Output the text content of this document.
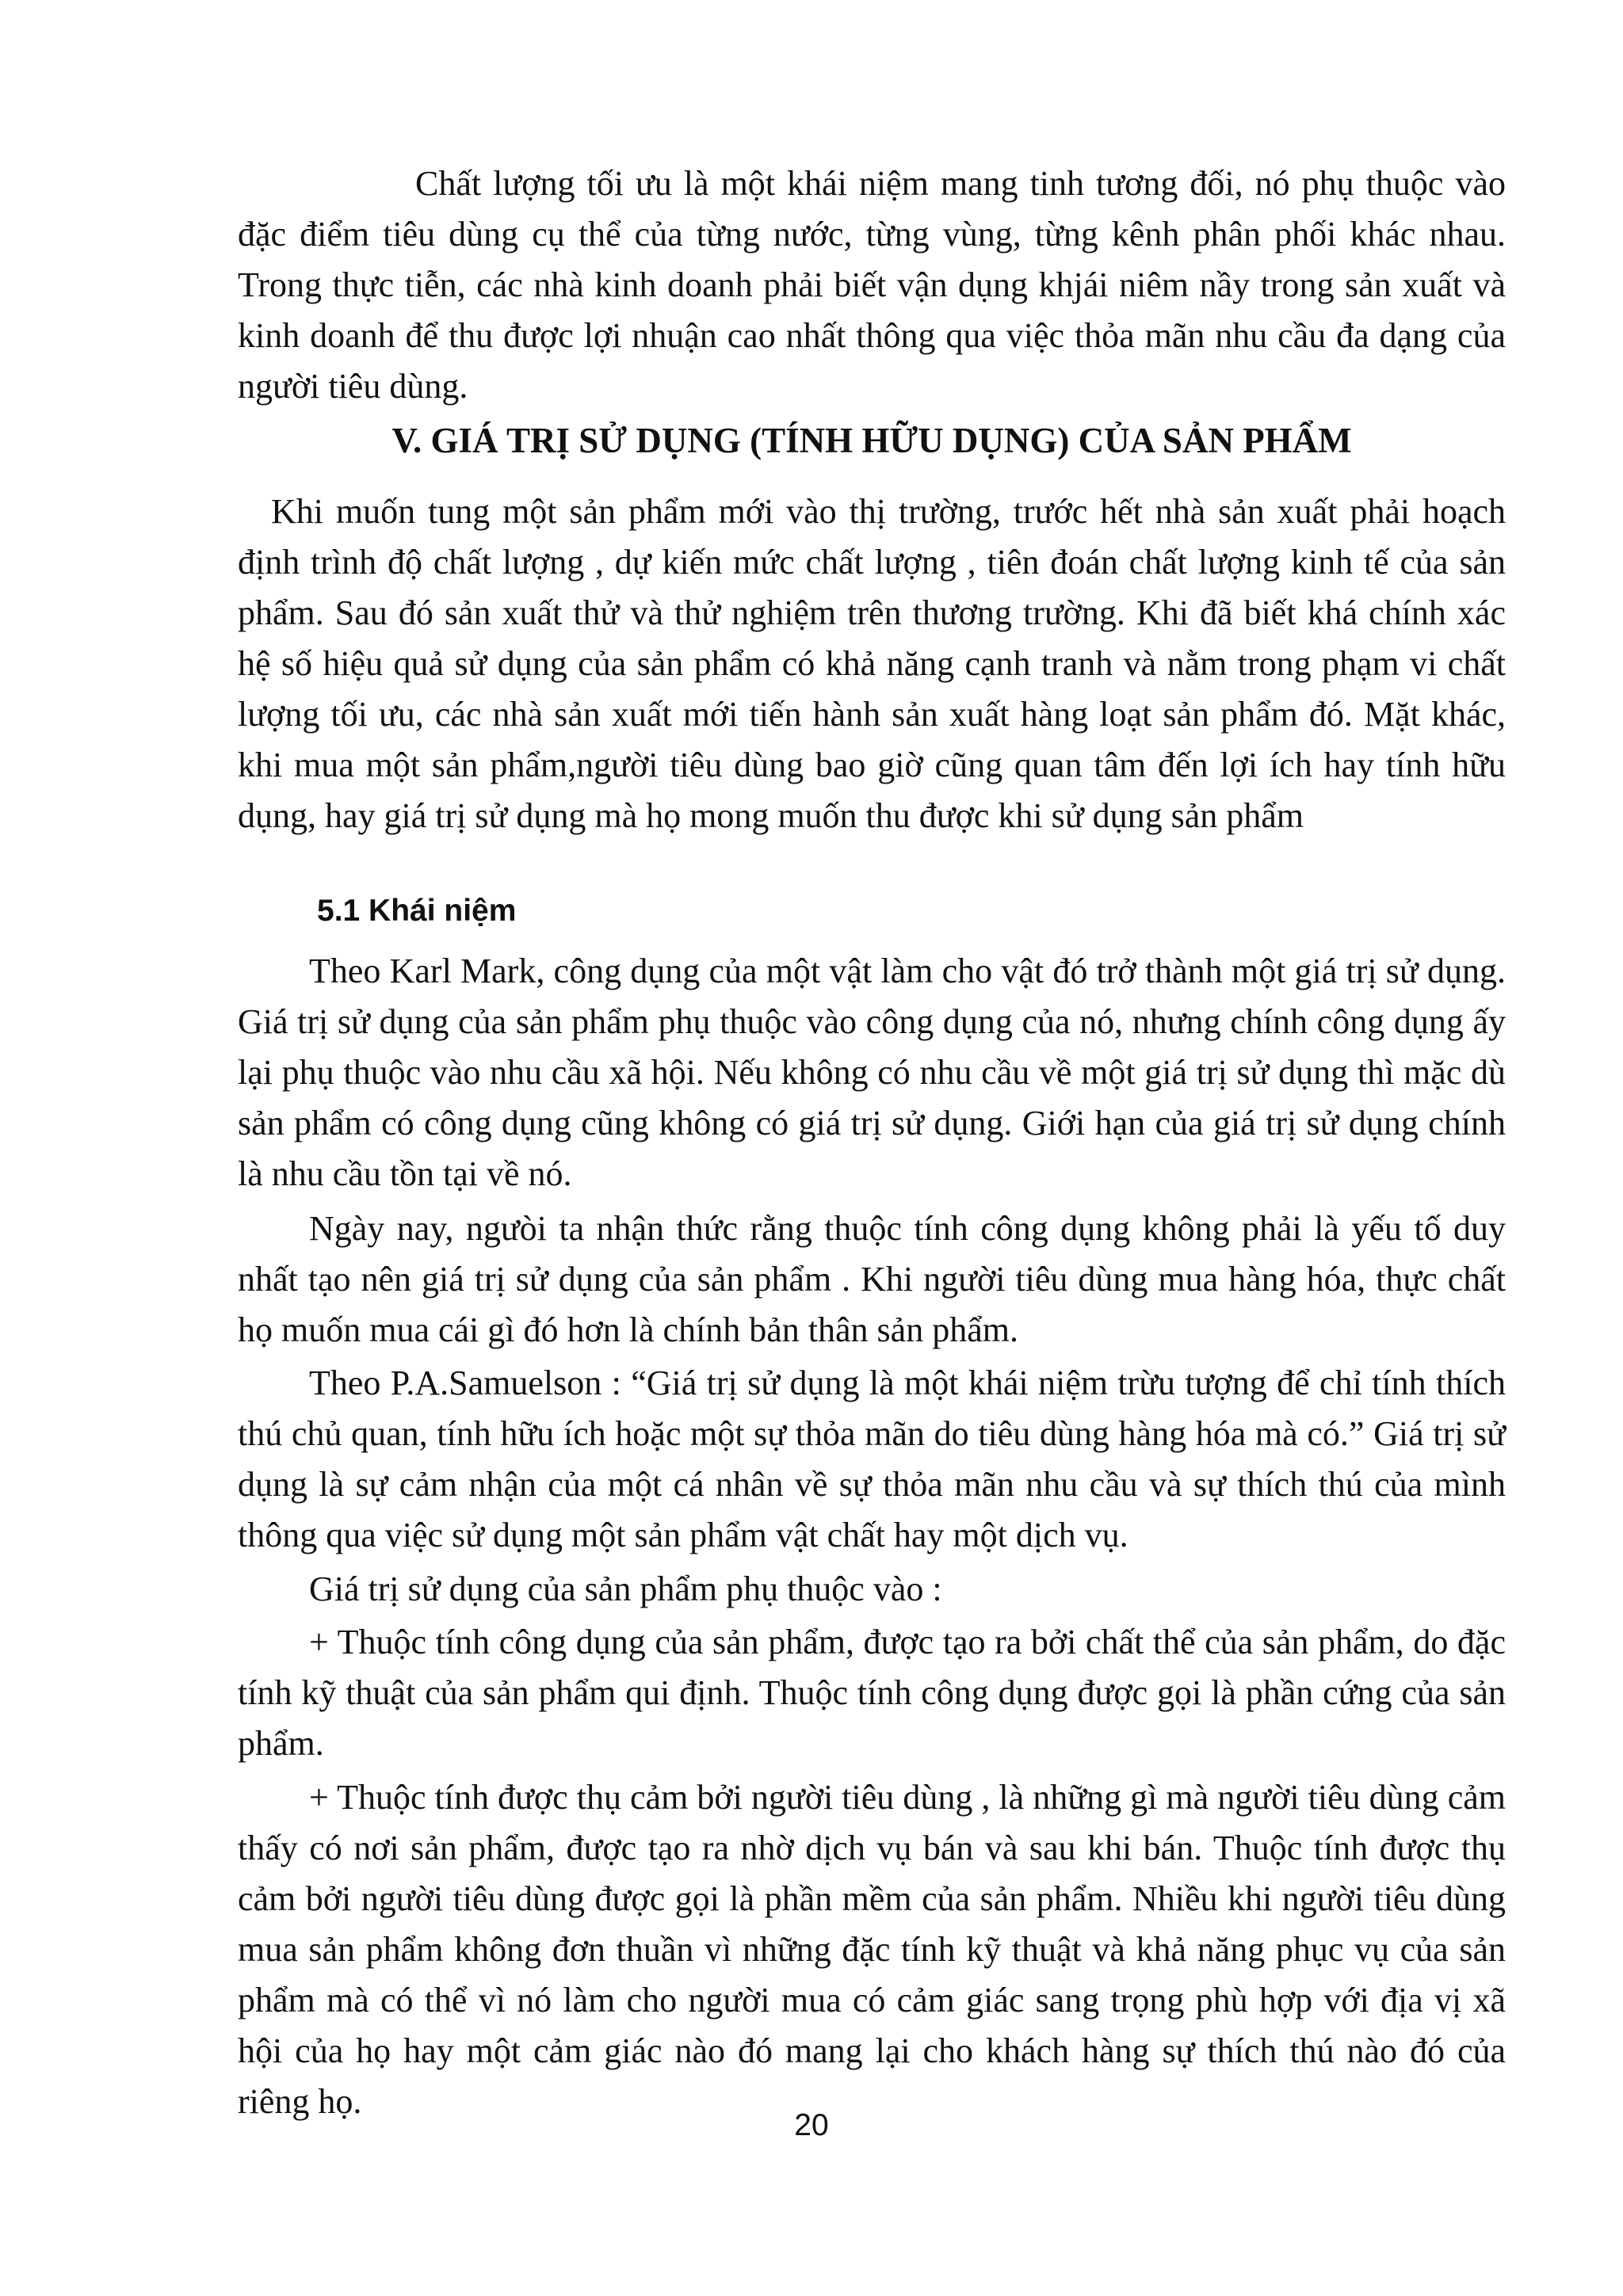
Chất lượng tối ưu là một khái niệm mang tinh tương đối, nó phụ thuộc vào đặc điểm tiêu dùng cụ thể của từng nước, từng vùng, từng kênh phân phối khác nhau. Trong thực tiễn, các nhà kinh doanh phải biết vận dụng khjái niêm nầy trong sản xuất và kinh doanh để thu được lợi nhuận cao nhất thông qua việc thỏa mãn nhu cầu đa dạng của người tiêu dùng.

V. GIÁ TRỊ SỬ DỤNG (TÍNH HỮU DỤNG) CỦA SẢN PHẨM

Khi muốn tung một sản phẩm mới vào thị trường, trước hết nhà sản xuất phải hoạch định trình độ chất lượng , dự kiến mức chất lượng , tiên đoán chất lượng kinh tế của sản phẩm. Sau đó sản xuất thử và thử nghiệm trên thương trường. Khi đã biết khá chính xác hệ số hiệu quả sử dụng của sản phẩm có khả năng cạnh tranh và nằm trong phạm vi chất lượng tối ưu, các nhà sản xuất mới tiến hành sản xuất hàng loạt sản phẩm đó. Mặt khác, khi mua một sản phẩm,người tiêu dùng bao giờ cũng quan tâm đến lợi ích hay tính hữu dụng, hay giá trị sử dụng mà họ mong muốn thu được khi sử dụng sản phẩm

5.1 Khái niệm

Theo Karl Mark, công dụng của một vật làm cho vật đó trở thành một giá trị sử dụng. Giá trị sử dụng của sản phẩm phụ thuộc vào công dụng của nó, nhưng chính công dụng ấy lại phụ thuộc vào nhu cầu xã hội. Nếu không có nhu cầu về một giá trị sử dụng thì mặc dù sản phẩm có công dụng cũng không có giá trị sử dụng. Giới hạn của giá trị sử dụng chính là nhu cầu tồn tại về nó.

Ngày nay, ngưòi ta nhận thức rằng thuộc tính công dụng không phải là yếu tố duy nhất tạo nên giá trị sử dụng của sản phẩm . Khi người tiêu dùng mua hàng hóa, thực chất họ muốn mua cái gì đó hơn là chính bản thân sản phẩm.

Theo P.A.Samuelson : “Giá trị sử dụng là một khái niệm trừu tượng để chỉ tính thích thú chủ quan, tính hữu ích hoặc một sự thỏa mãn do tiêu dùng hàng hóa mà có.” Giá trị sử dụng là sự cảm nhận của một cá nhân về sự thỏa mãn nhu cầu và sự thích thú của mình thông qua việc sử dụng một sản phẩm vật chất hay một dịch vụ.

Giá trị sử dụng của sản phẩm phụ thuộc vào :

+ Thuộc tính công dụng của sản phẩm, được tạo ra bởi chất thể của sản phẩm, do đặc tính kỹ thuật của sản phẩm qui định. Thuộc tính công dụng được gọi là phần cứng của sản phẩm.

+ Thuộc tính được thụ cảm bởi người tiêu dùng , là những gì mà người tiêu dùng cảm thấy có nơi sản phẩm, được tạo ra nhờ dịch vụ bán và sau khi bán. Thuộc tính được thụ cảm bởi người tiêu dùng được gọi là phần mềm của sản phẩm. Nhiều khi người tiêu dùng mua sản phẩm không đơn thuần vì những đặc tính kỹ thuật và khả năng phục vụ của sản phẩm mà có thể vì nó làm cho người mua có cảm giác sang trọng phù hợp với địa vị xã hội của họ hay một cảm giác nào đó mang lại cho khách hàng sự thích thú nào đó của riêng họ.

20
